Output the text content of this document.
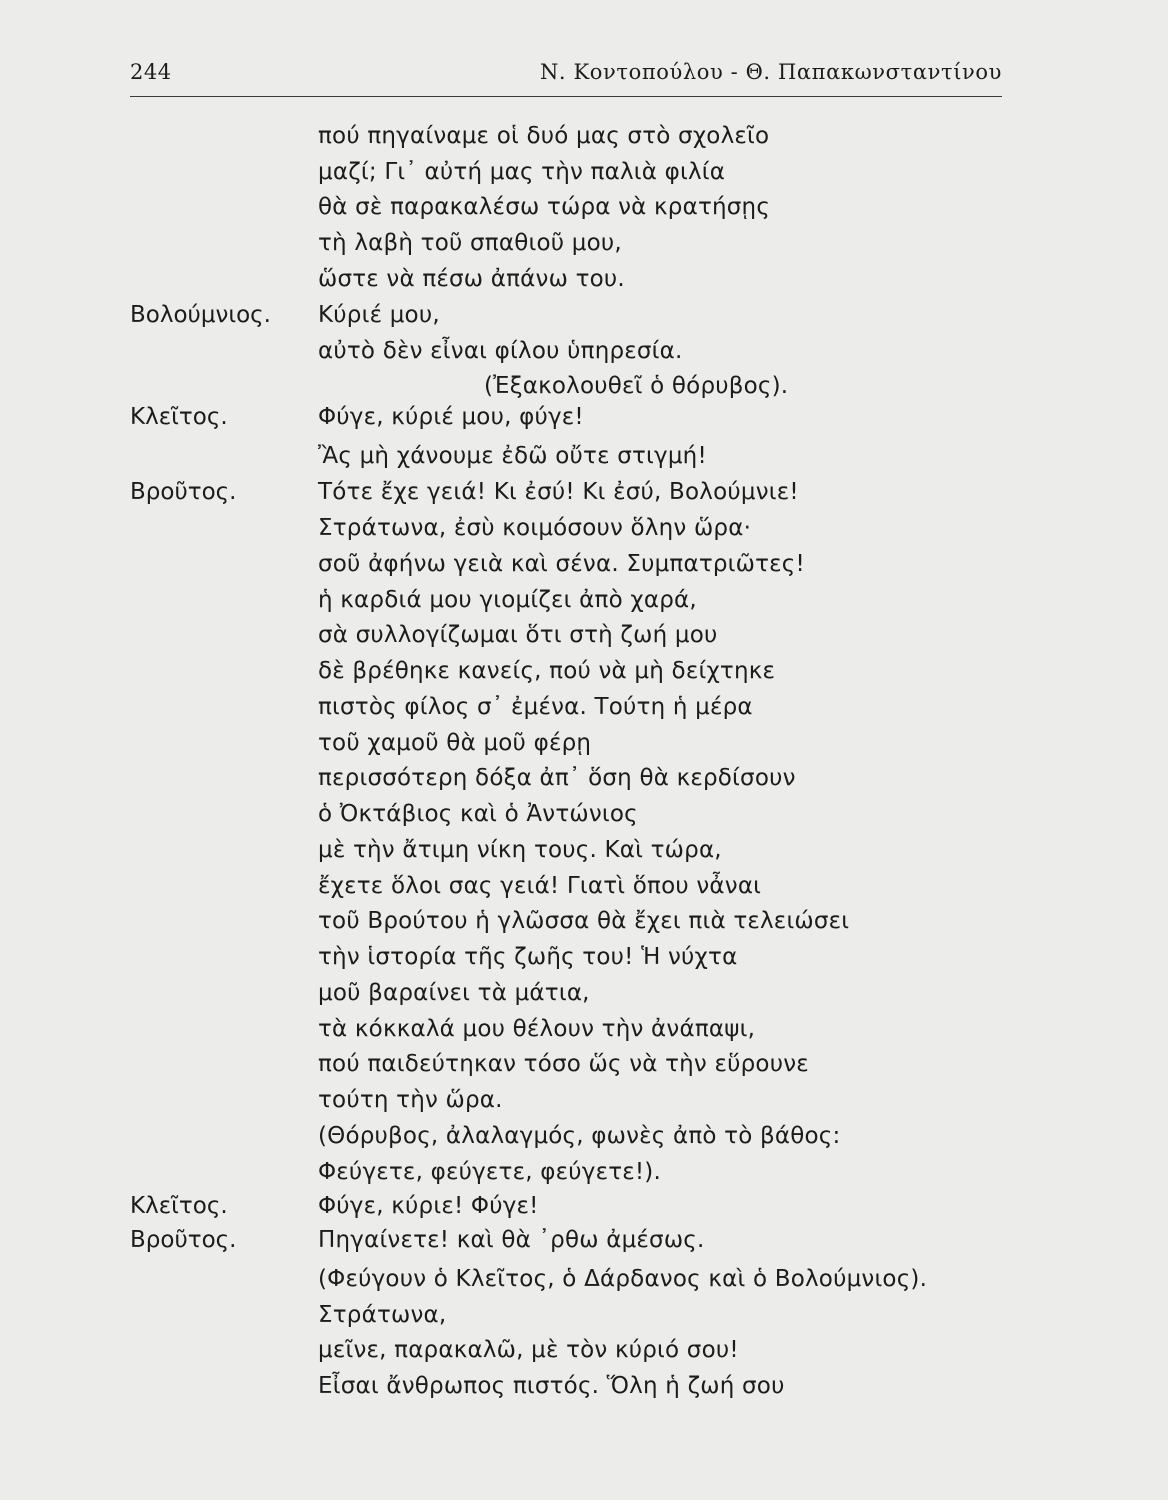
244	Ν. Κοντοπούλου - Θ. Παπακωνσταντίνου
Βολούμνιος.
Κλεῖτος.
Βροῦτος.
Κλεῖτος.
Βροῦτος.
πού πηγαίναμε οἱ δυό μας στὸ σχολεῖο
μαζί; Γι᾽ αὐτή μας τὴν παλιὰ φιλία
θὰ σὲ παρακαλέσω τώρα νὰ κρατήσῃς
τὴ λαβὴ τοῦ σπαθιοῦ μου,
ὥστε νὰ πέσω ἀπάνω του.
Κύριέ μου,
αὐτὸ δὲν εἶναι φίλου ὑπηρεσία.
(Ἐξακολουθεῖ ὁ θόρυβος).
Φύγε, κύριέ μου, φύγε!
Ἂς μὴ χάνουμε ἐδῶ οὔτε στιγμή!
Τότε ἔχε γειά! Κι ἐσύ! Κι ἐσύ, Βολούμνιε!
Στράτωνα, ἐσὺ κοιμόσουν ὅλην ὥρα·
σοῦ ἀφήνω γειὰ καὶ σένα. Συμπατριῶτες!
ἡ καρδιά μου γιομίζει ἀπὸ χαρά,
σὰ συλλογίζωμαι ὅτι στὴ ζωή μου
δὲ βρέθηκε κανείς, πού νὰ μὴ δείχτηκε
πιστὸς φίλος σ᾽ ἐμένα. Τούτη ἡ μέρα
τοῦ χαμοῦ θὰ μοῦ φέρῃ
περισσότερη δόξα ἀπ᾽ ὅση θὰ κερδίσουν
ὁ Ὀκτάβιος καὶ ὁ Ἀντώνιος
μὲ τὴν ἄτιμη νίκη τους. Καὶ τώρα,
ἔχετε ὅλοι σας γειά! Γιατὶ ὅπου νἆναι
τοῦ Βρούτου ἡ γλῶσσα θὰ ἔχει πιὰ τελειώσει
τὴν ἱστορία τῆς ζωῆς του! Ἡ νύχτα
μοῦ βαραίνει τὰ μάτια,
τὰ κόκκαλά μου θέλουν τὴν ἀνάπαψι,
πού παιδεύτηκαν τόσο ὥς νὰ τὴν εὕρουνε
τούτη τὴν ὥρα.
(Θόρυβος, ἀλαλαγμός, φωνὲς ἀπὸ τὸ βάθος:
Φεύγετε, φεύγετε, φεύγετε!).
Φύγε, κύριε! Φύγε!
Πηγαίνετε! καὶ θὰ ᾽ρθω ἀμέσως.
(Φεύγουν ὁ Κλεῖτος, ὁ Δάρδανος καὶ ὁ Βολούμνιος).
Στράτωνα,
μεῖνε, παρακαλῶ, μὲ τὸν κύριό σου!
Εἶσαι ἄνθρωπος πιστός. Ὅλη ἡ ζωή σου
